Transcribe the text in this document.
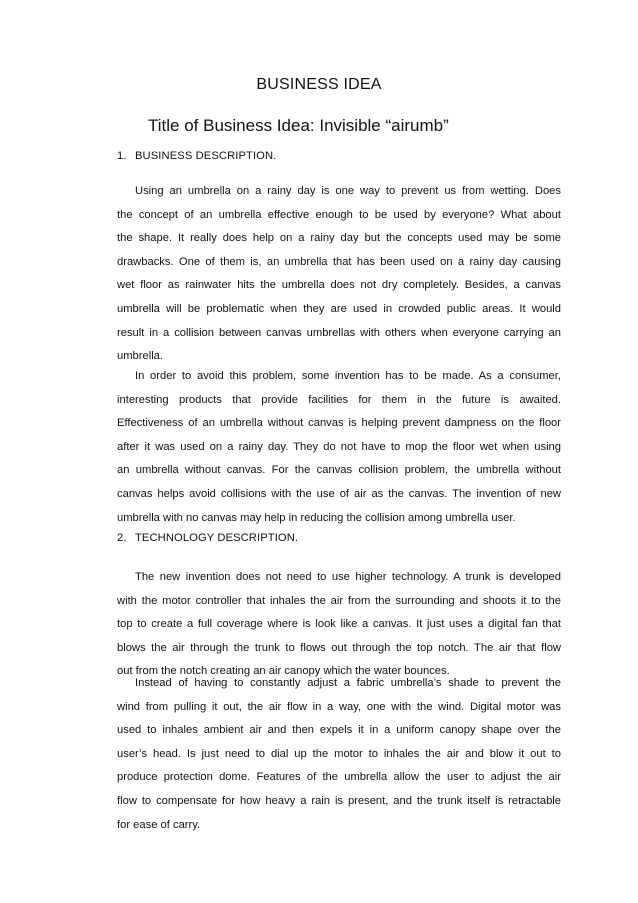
BUSINESS IDEA
Title of Business Idea: Invisible “airumb”
1. BUSINESS DESCRIPTION.

Using an umbrella on a rainy day is one way to prevent us from wetting. Does
the concept of an umbrella effective enough to be used by everyone? What about
the shape. It really does help on a rainy day but the concepts used may be some
drawbacks. One of them is, an umbrella that has been used on a rainy day causing
wet floor as rainwater hits the umbrella does not dry completely. Besides, a canvas
umbrella will be problematic when they are used in crowded public areas. It would
result in a collision between canvas umbrellas with others when everyone carrying an
umbrella.

In order to avoid this problem, some invention has to be made. As a consumer,
interesting products that provide facilities for them in the future is awaited.
Effectiveness of an umbrella without canvas is helping prevent dampness on the floor
after it was used on a rainy day. They do not have to mop the floor wet when using
an umbrella without canvas. For the canvas collision problem, the umbrella without
canvas helps avoid collisions with the use of air as the canvas. The invention of new
umbrella with no canvas may help in reducing the collision among umbrella user.

2. TECHNOLOGY DESCRIPTION.

The new invention does not need to use higher technology. A trunk is developed
with the motor controller that inhales the air from the surrounding and shoots it to the
top to create a full coverage where is look like a canvas. It just uses a digital fan that
blows the air through the trunk to flows out through the top notch. The air that flow
out from the notch creating an air canopy which the water bounces.

Instead of having to constantly adjust a fabric umbrella’s shade to prevent the
wind from pulling it out, the air flow in a way, one with the wind. Digital motor was
used to inhales ambient air and then expels it in a uniform canopy shape over the
user’s head. Is just need to dial up the motor to inhales the air and blow it out to
produce protection dome. Features of the umbrella allow the user to adjust the air
flow to compensate for how heavy a rain is present, and the trunk itself is retractable
for ease of carry.
